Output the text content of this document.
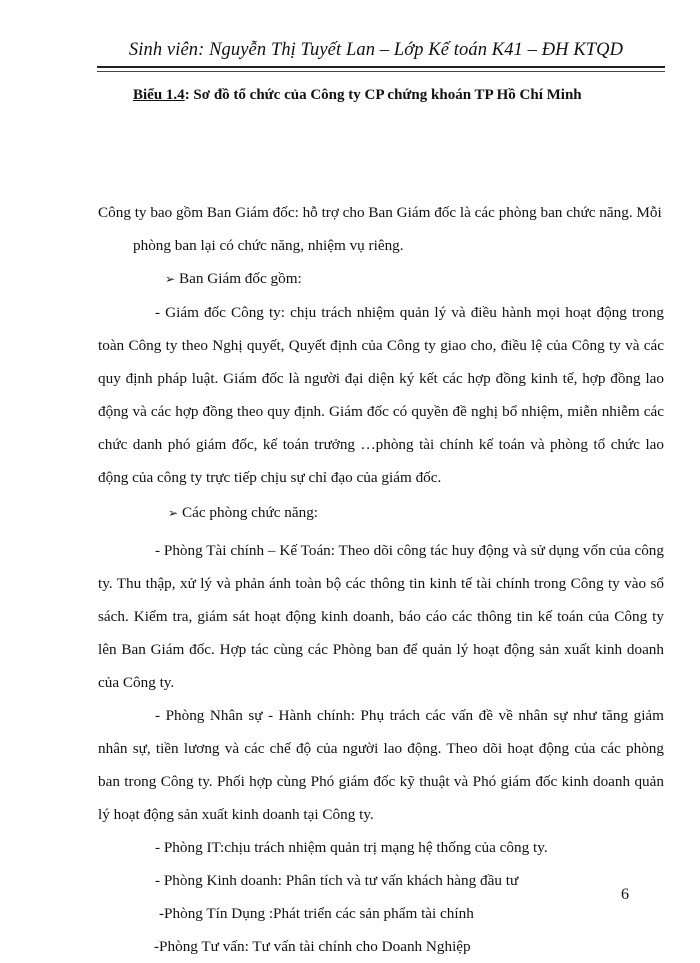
Sinh viên: Nguyễn Thị Tuyết Lan – Lớp Kế toán K41 – ĐH KTQD
Biểu 1.4: Sơ đồ tổ chức của Công ty CP chứng khoán TP Hồ Chí Minh

Công ty bao gồm Ban Giám đốc: hỗ trợ cho Ban Giám đốc là các phòng ban chức năng. Mỗi phòng ban lại có chức năng, nhiệm vụ riêng.

➢ Ban Giám đốc gồm:

- Giám đốc Công ty: chịu trách nhiệm quản lý và điều hành mọi hoạt động trong toàn Công ty theo Nghị quyết, Quyết định của Công ty giao cho, điều lệ của Công ty và các quy định pháp luật. Giám đốc là người đại diện ký kết các hợp đồng kinh tế, hợp đồng lao động và các hợp đồng theo quy định. Giám đốc có quyền đề nghị bổ nhiệm, miễn nhiễm các chức danh phó giám đốc, kế toán trưởng …phòng tài chính kế toán và phòng tổ chức lao động của công ty trực tiếp chịu sự chỉ đạo của giám đốc.

➢ Các phòng chức năng:

- Phòng Tài chính – Kế Toán: Theo dõi công tác huy động và sử dụng vốn của công ty. Thu thập, xử lý và phản ánh toàn bộ các thông tin kinh tế tài chính trong Công ty vào sổ sách. Kiểm tra, giám sát hoạt động kinh doanh, báo cáo các thông tin kế toán của Công ty lên Ban Giám đốc. Hợp tác cùng các Phòng ban để quản lý hoạt động sản xuất kinh doanh của Công ty.

- Phòng Nhân sự - Hành chính: Phụ trách các vấn đề về nhân sự như tăng giảm nhân sự, tiền lương và các chế độ của người lao động. Theo dõi hoạt động của các phòng ban trong Công ty. Phối hợp cùng Phó giám đốc kỹ thuật và Phó giám đốc kinh doanh quản lý hoạt động sản xuất kinh doanh tại Công ty.

- Phòng IT:chịu trách nhiệm quản trị mạng hệ thống của công ty.

- Phòng Kinh doanh: Phân tích và tư vấn khách hàng đầu tư

-Phòng Tín Dụng :Phát triển các sản phẩm tài chính

-Phòng Tư vấn: Tư vấn tài chính cho Doanh Nghiệp

6
